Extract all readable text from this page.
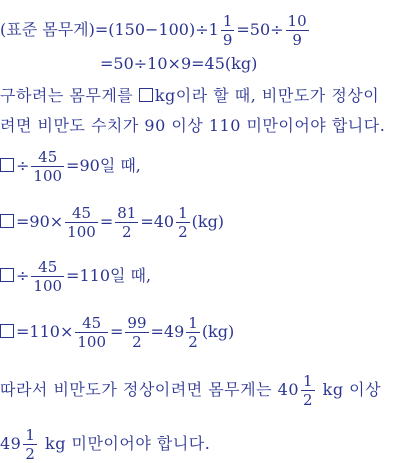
(표준 몸무게)$=(150-100)\div 1 \frac{1}{9} =50\div \frac{10}{9}$
=50÷10×9=45(kg)
구하려는 몸무게를 kg이라 할 때, 비만도가 정상이
려면 비만도 수치가 90 이상 110 미만이어야 합니다.
÷ $\frac{45}{100} =90$일 때,
$=90\times \frac{45}{100} = \frac{81}{2} =40 \frac{1}{2} (kg)$
÷ $\frac{45}{100} =110$일 때,
$=110\times \frac{45}{100} = \frac{99}{2} =49 \frac{1}{2} (kg)$
따라서 비만도가 정상이려면 몸무게는 $40 \frac{1}{2}$ kg 이상
$49 \frac{1}{2}$ kg 미만이어야 합니다.
